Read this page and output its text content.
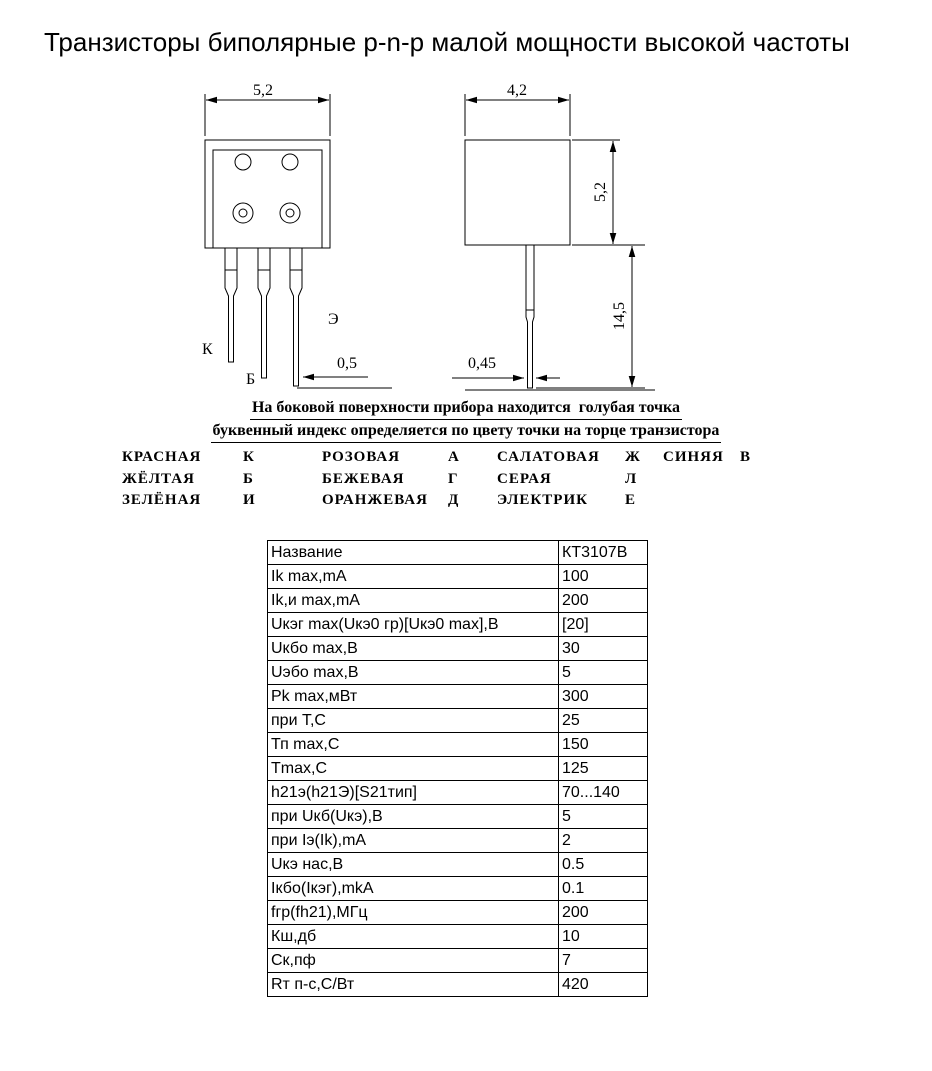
Транзисторы биполярные p-n-p малой мощности высокой частоты
5,2
К
Б
Э
0,5
4,2
5,2
14,5
0,45
На боковой поверхности прибора находится  голубая точка
буквенный индекс определяется по цвету точки на торце транзистора
КРАСНАЯ	К	РОЗОВАЯ	А	САЛАТОВАЯ	Ж	СИНЯЯ	В
ЖЁЛТАЯ	Б	БЕЖЕВАЯ	Г	СЕРАЯ	Л
ЗЕЛЁНАЯ	И	ОРАНЖЕВАЯ	Д	ЭЛЕКТРИК	Е
Название	КТ3107В
Ik max,mA	100
Ik,и max,mA	200
Uкэг max(Uкэ0 гр)[Uкэ0 max],В	[20]
Uкбо max,В	30
Uэбо max,В	5
Pk max,мВт	300
при Т,С	25
Тп max,С	150
Tmax,С	125
h21э(h21Э)[S21тип]	70...140
при Uкб(Uкэ),В	5
при Iэ(Ik),mA	2
Uкэ нас,В	0.5
Iкбо(Iкэг),mkA	0.1
fгр(fh21),МГц	200
Кш,дб	10
Ск,пф	7
Rт п-с,С/Вт	420
